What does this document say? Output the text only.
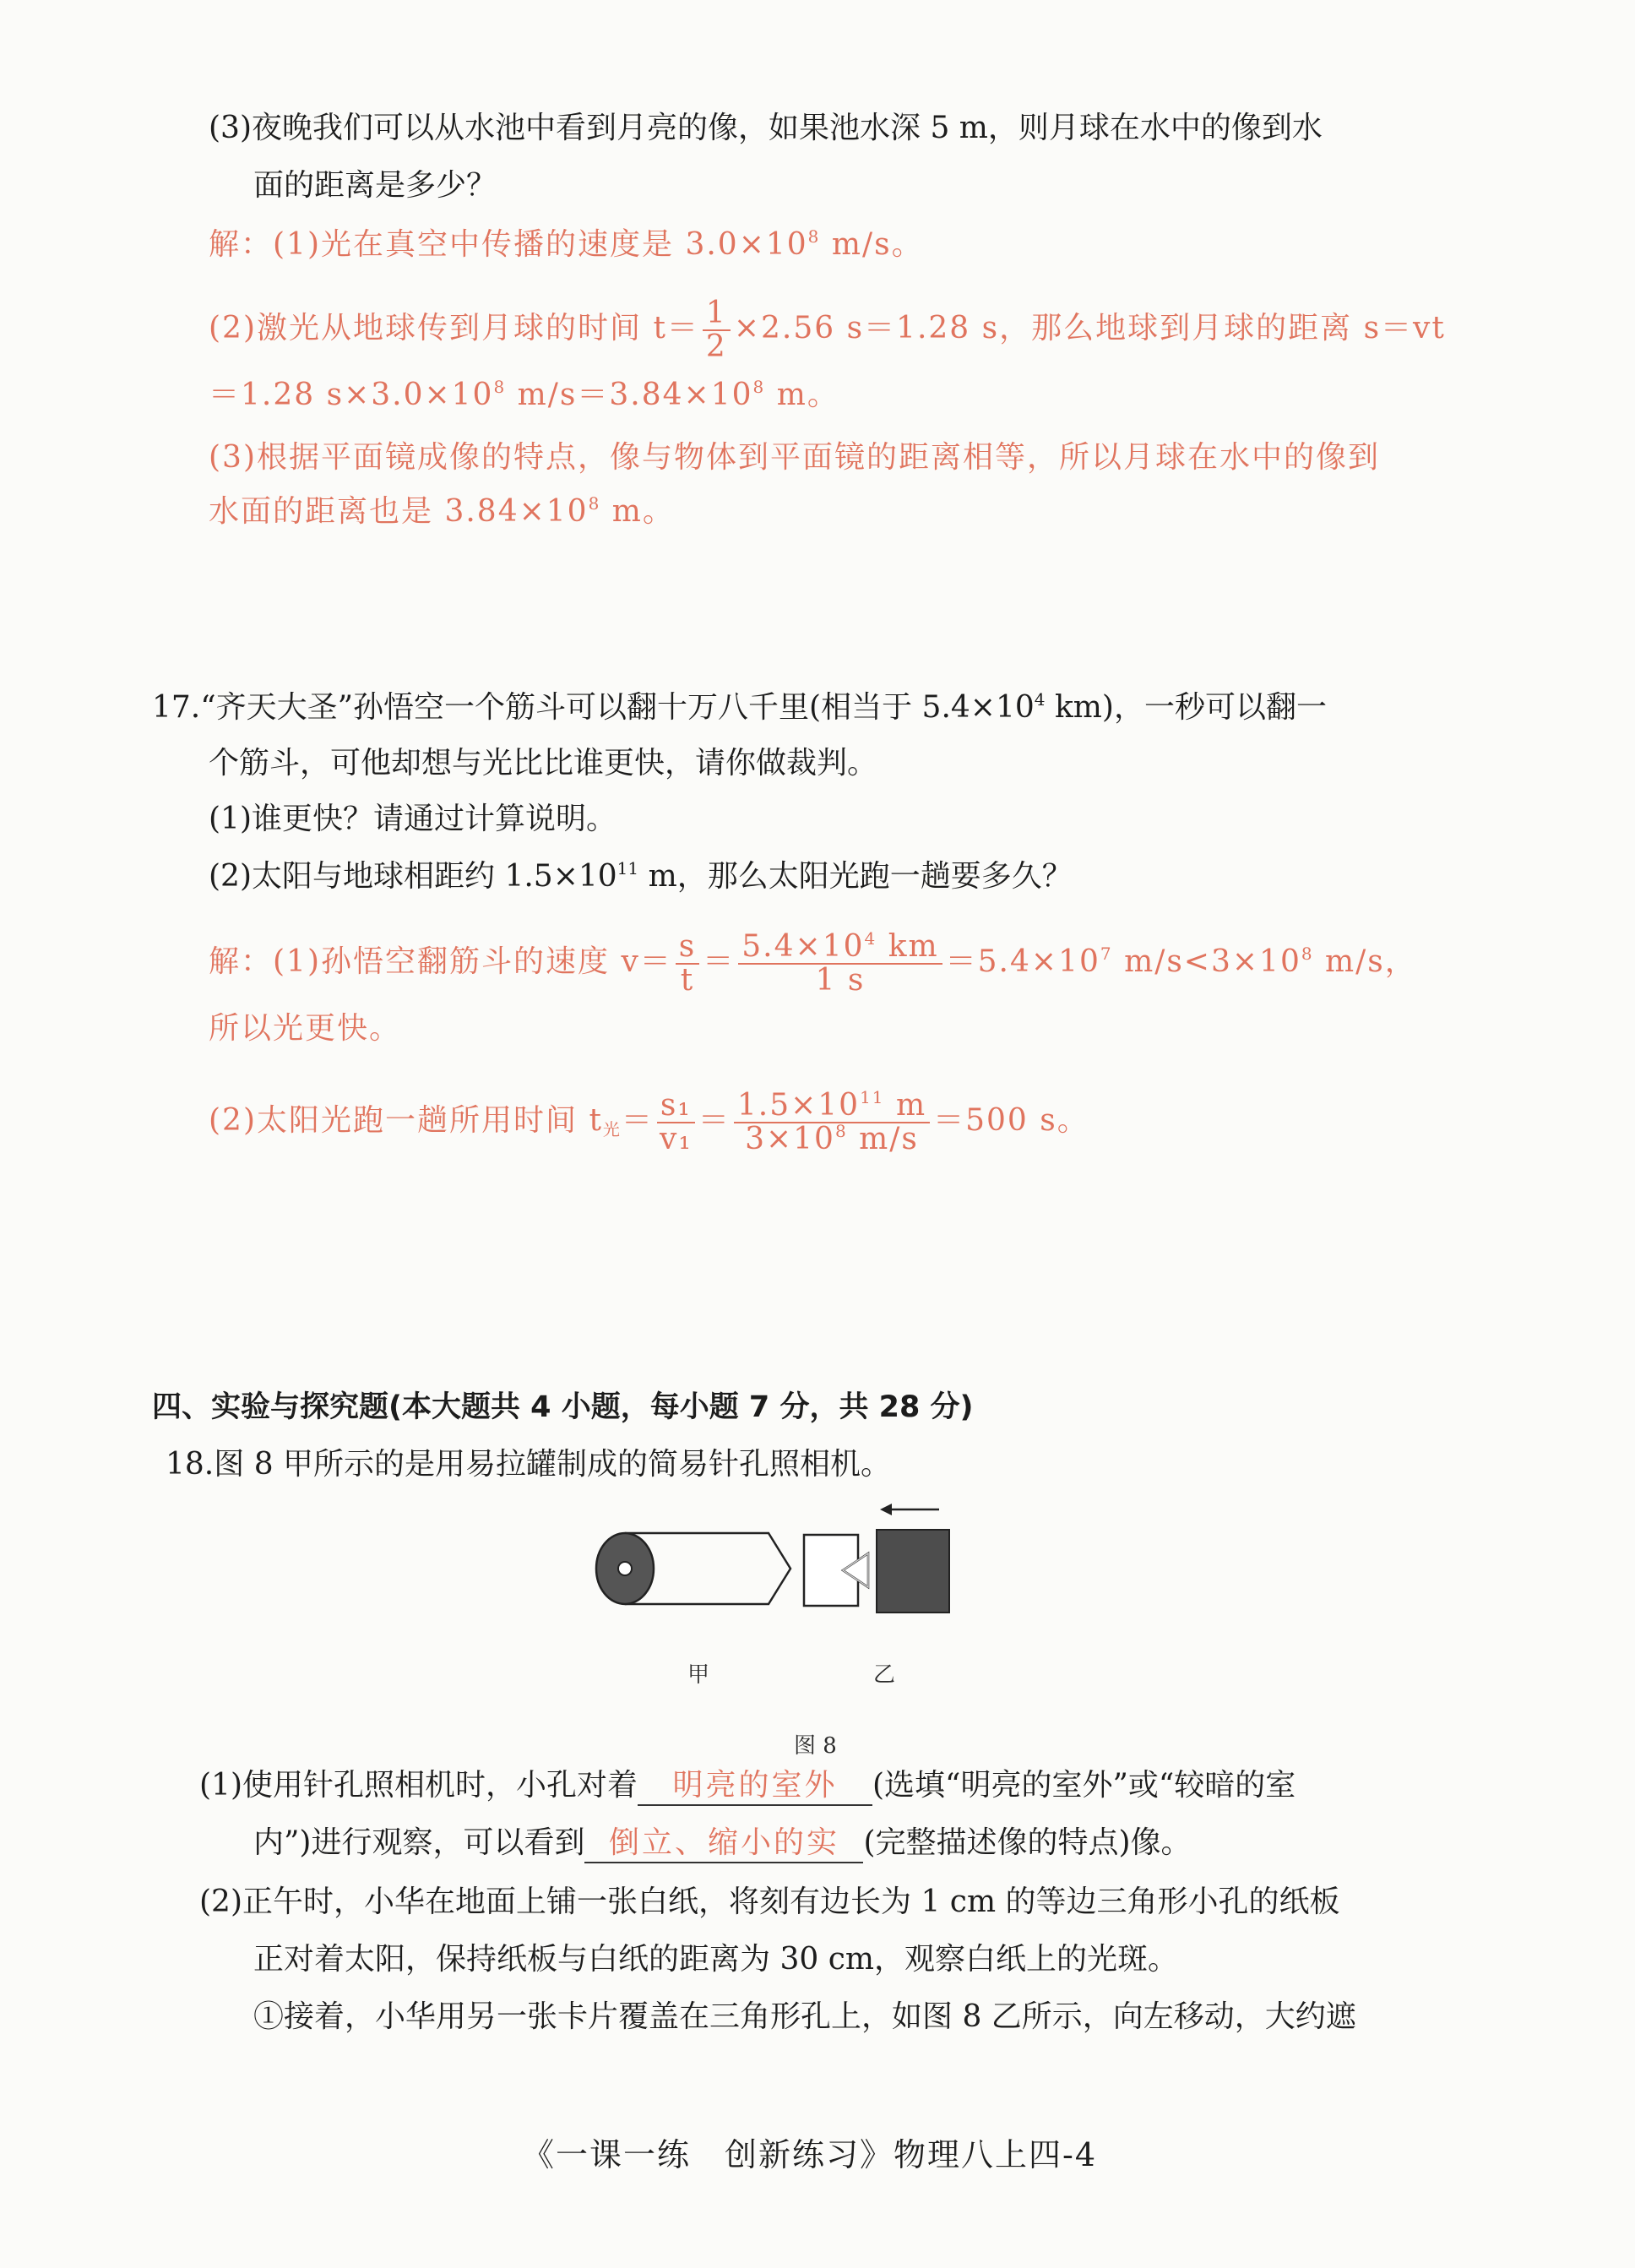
(3)夜晚我们可以从水池中看到月亮的像，如果池水深 5 m，则月球在水中的像到水
面的距离是多少？
解：(1)光在真空中传播的速度是 $3.0\times 10^8$ m/s。
(2)激光从地球传到月球的时间 $t= \frac{1}{2} \times 2.56$ s＝1.28 s，那么地球到月球的距离 s＝vt
＝1.28 $s\times 3.0\times 10^8$ $m/s=3.84\times 10^8$ m。
(3)根据平面镜成像的特点，像与物体到平面镜的距离相等，所以月球在水中的像到
水面的距离也是 $3.84\times 10^8$ m。
17.“齐天大圣”孙悟空一个筋斗可以翻十万八千里(相当于 $5.4\times 10^4$ km)，一秒可以翻一
个筋斗，可他却想与光比比谁更快，请你做裁判。
(1)谁更快？请通过计算说明。
(2)太阳与地球相距约 $1.5\times 10^{11}$ m，那么太阳光跑一趟要多久？
解：(1)孙悟空翻筋斗的速度 $v= \frac{s}{t} = \frac{5.4\times 10^4 km}{1 s} =5.4\times 10^7$ $m/s<3\times 10^8$ m/s，
所以光更快。
(2)太阳光跑一趟所用时间 $t_光= \frac{\text{s₁}}{\text{v₁}} = \frac{1.5\times 10^{11} m}{3\times 10^8 m/s} =500$ s。
四、实验与探究题(本大题共 4 小题，每小题 7 分，共 28 分)
18.图 8 甲所示的是用易拉罐制成的简易针孔照相机。
甲	乙
图 8
(1)使用针孔照相机时，小孔对着 明亮的室外 (选填“明亮的室外”或“较暗的室
内”)进行观察，可以看到 倒立、缩小的实 (完整描述像的特点)像。
(2)正午时，小华在地面上铺一张白纸，将刻有边长为 1 cm 的等边三角形小孔的纸板
正对着太阳，保持纸板与白纸的距离为 30 cm，观察白纸上的光斑。
①接着，小华用另一张卡片覆盖在三角形孔上，如图 8 乙所示，向左移动，大约遮
《一课一练　创新练习》物理八上四-4
